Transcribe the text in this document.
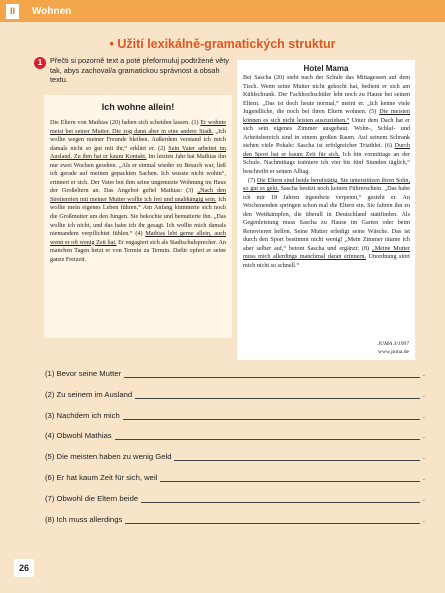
II	Wohnen
• Užití lexikálně-gramatických struktur
1	Přečti si pozorně text a poté přeformuluj podtržené věty tak, abys zachoval/a gramatickou správnost a obsah textu.
Ich wohne allein!
Die Eltern von Mathias (20) haben sich scheiden lassen. (1) Er wohnte meist bei seiner Mutter. Die zog dann aber in eine andere Stadt. „Ich wollte wegen meiner Freunde bleiben. Außerdem verstand ich mich damals nicht so gut mit ihr,“ erklärt er. (2) Sein Vater arbeitet im Ausland. Zu ihm hat er kaum Kontakt. Im letzten Jahr hat Mathias ihn nur zwei Wochen gesehen. „Als er einmal wieder zu Besuch war, ließ ich gerade auf meinen gepackten Sachen. Ich wusste nicht wohin“, erinnert er sich. Der Vater bot ihm seine ungenutzte Wohnung im Haus der Großeltern an. Das Angebot gefiel Mathias: (3) „Nach den Streitereien mit meiner Mutter wollte ich frei und unabhängig sein. Ich wollte mein eigenes Leben führen.“ Am Anfang kümmerte sich noch die Großmutter um den Jungen. Sie bekochte und bemutterte ihn. „Das wollte ich nicht, und das habe ich ihr gesagt. Ich wollte mich damals niemandem verpflichtet fühlen.“ (4) Mathias lebt gerne allein, auch wenn er oft wenig Zeit hat. Er engagiert sich als Stadtschulsprecher. An manchen Tagen hetzt er von Termin zu Termin. Dafür opfert er seine ganze Freizeit.
Hotel Mama
Bei Sascha (20) steht nach der Schule das Mittagessen auf dem Tisch. Wenn seine Mutter nicht gekocht hat, bedient er sich am Kühlschrank. Der Fachhochschüler lebt noch zu Hause bei seinen Eltern. „Das ist doch heute normal,“ meint er. „Ich kenne viele Jugendliche, die noch bei ihren Eltern wohnen. (5) Die meisten können es sich nicht leisten auszuziehen.“ Unter dem Dach hat er sich sein eigenes Zimmer ausgebaut. Wohn-, Schlaf- und Arbeitsbereich sind in einem großen Raum. Auf seinem Schrank stehen viele Pokale: Sascha ist erfolgreicher Triathlet. (6) Durch den Sport hat er kaum Zeit für sich. Ich bin vormittags an der Schule. Nachmittags trainiere ich vier bis fünf Stunden täglich,“ beschreibt er seinen Alltag.
(7) Die Eltern sind beide berufstätig. Sie unterstützen ihren Sohn, so gut es geht. Sascha besitzt noch keinen Führerschein. „Das habe ich mir 18 Jahren irgendwie verpennt,“ gesteht er. An Wochenenden springen schon mal die Eltern ein. Sie fahren ihn zu den Wettkämpfen, die überall in Deutschland stattfinden. Als Gegenleistung muss Sascha zu Hause im Garten oder beim Renovieren helfen. Seine Mutter erledigt seine Wäsche. Das ist durch den Sport bestimmt nicht wenig! „Mein Zimmer räume ich aber selber auf,“ betont Sascha und ergänzt: (8) „Meine Mutter muss mich allerdings manchmal daran erinnern. Unordnung stört mich nicht so schnell.“
JUMA 3/1997
www.juma.de
(1) Bevor seine Mutter	.
(2) Zu seinem im Ausland	.
(3) Nachdem ich mich	.
(4) Obwohl Mathias	.
(5) Die meisten haben zu wenig Geld	.
(6) Er hat kaum Zeit für sich, weil	.
(7) Obwohl die Eltern beide	.
(8) Ich muss allerdings	.
26
